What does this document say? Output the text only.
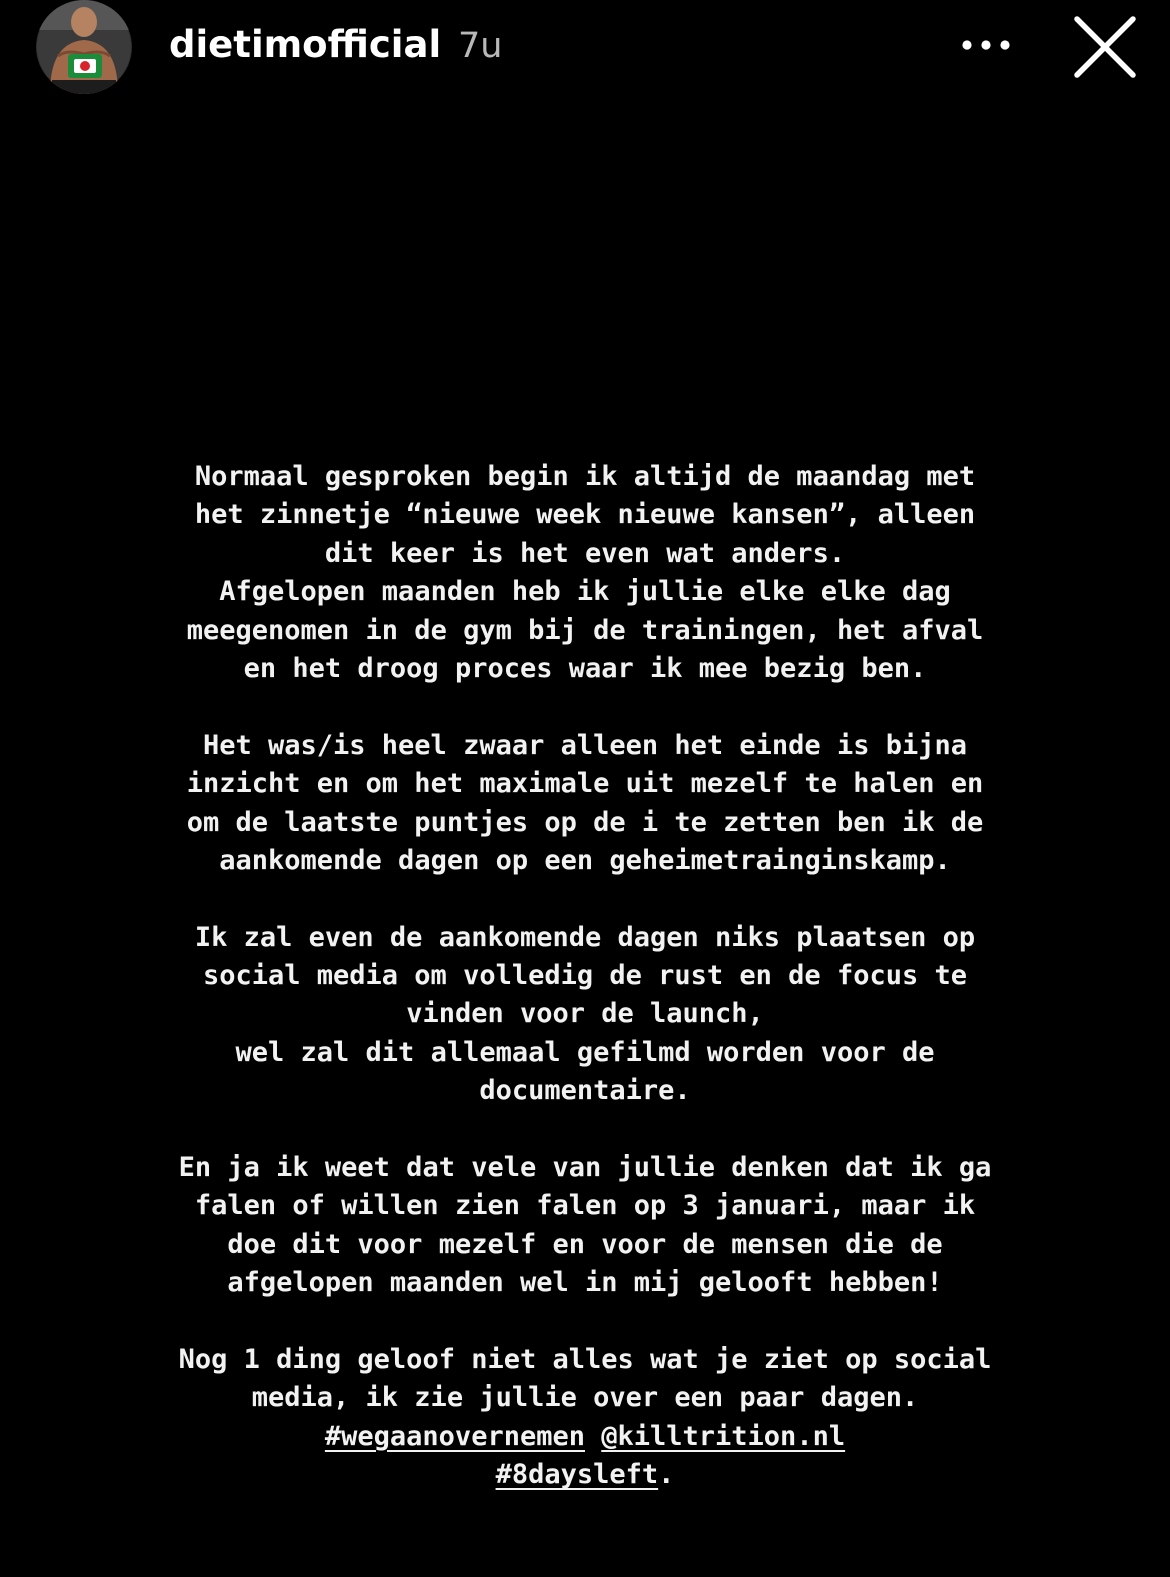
dietimofficial 7u
Normaal gesproken begin ik altijd de maandag met
het zinnetje “nieuwe week nieuwe kansen”, alleen
dit keer is het even wat anders.
Afgelopen maanden heb ik jullie elke elke dag
meegenomen in de gym bij de trainingen, het afval
en het droog proces waar ik mee bezig ben.
Het was/is heel zwaar alleen het einde is bijna
inzicht en om het maximale uit mezelf te halen en
om de laatste puntjes op de i te zetten ben ik de
aankomende dagen op een geheimetrainginskamp.
Ik zal even de aankomende dagen niks plaatsen op
social media om volledig de rust en de focus te
vinden voor de launch,
wel zal dit allemaal gefilmd worden voor de
documentaire.
En ja ik weet dat vele van jullie denken dat ik ga
falen of willen zien falen op 3 januari, maar ik
doe dit voor mezelf en voor de mensen die de
afgelopen maanden wel in mij gelooft hebben!
Nog 1 ding geloof niet alles wat je ziet op social
media, ik zie jullie over een paar dagen.
#wegaanovernemen @killtrition.nl
#8daysleft.
